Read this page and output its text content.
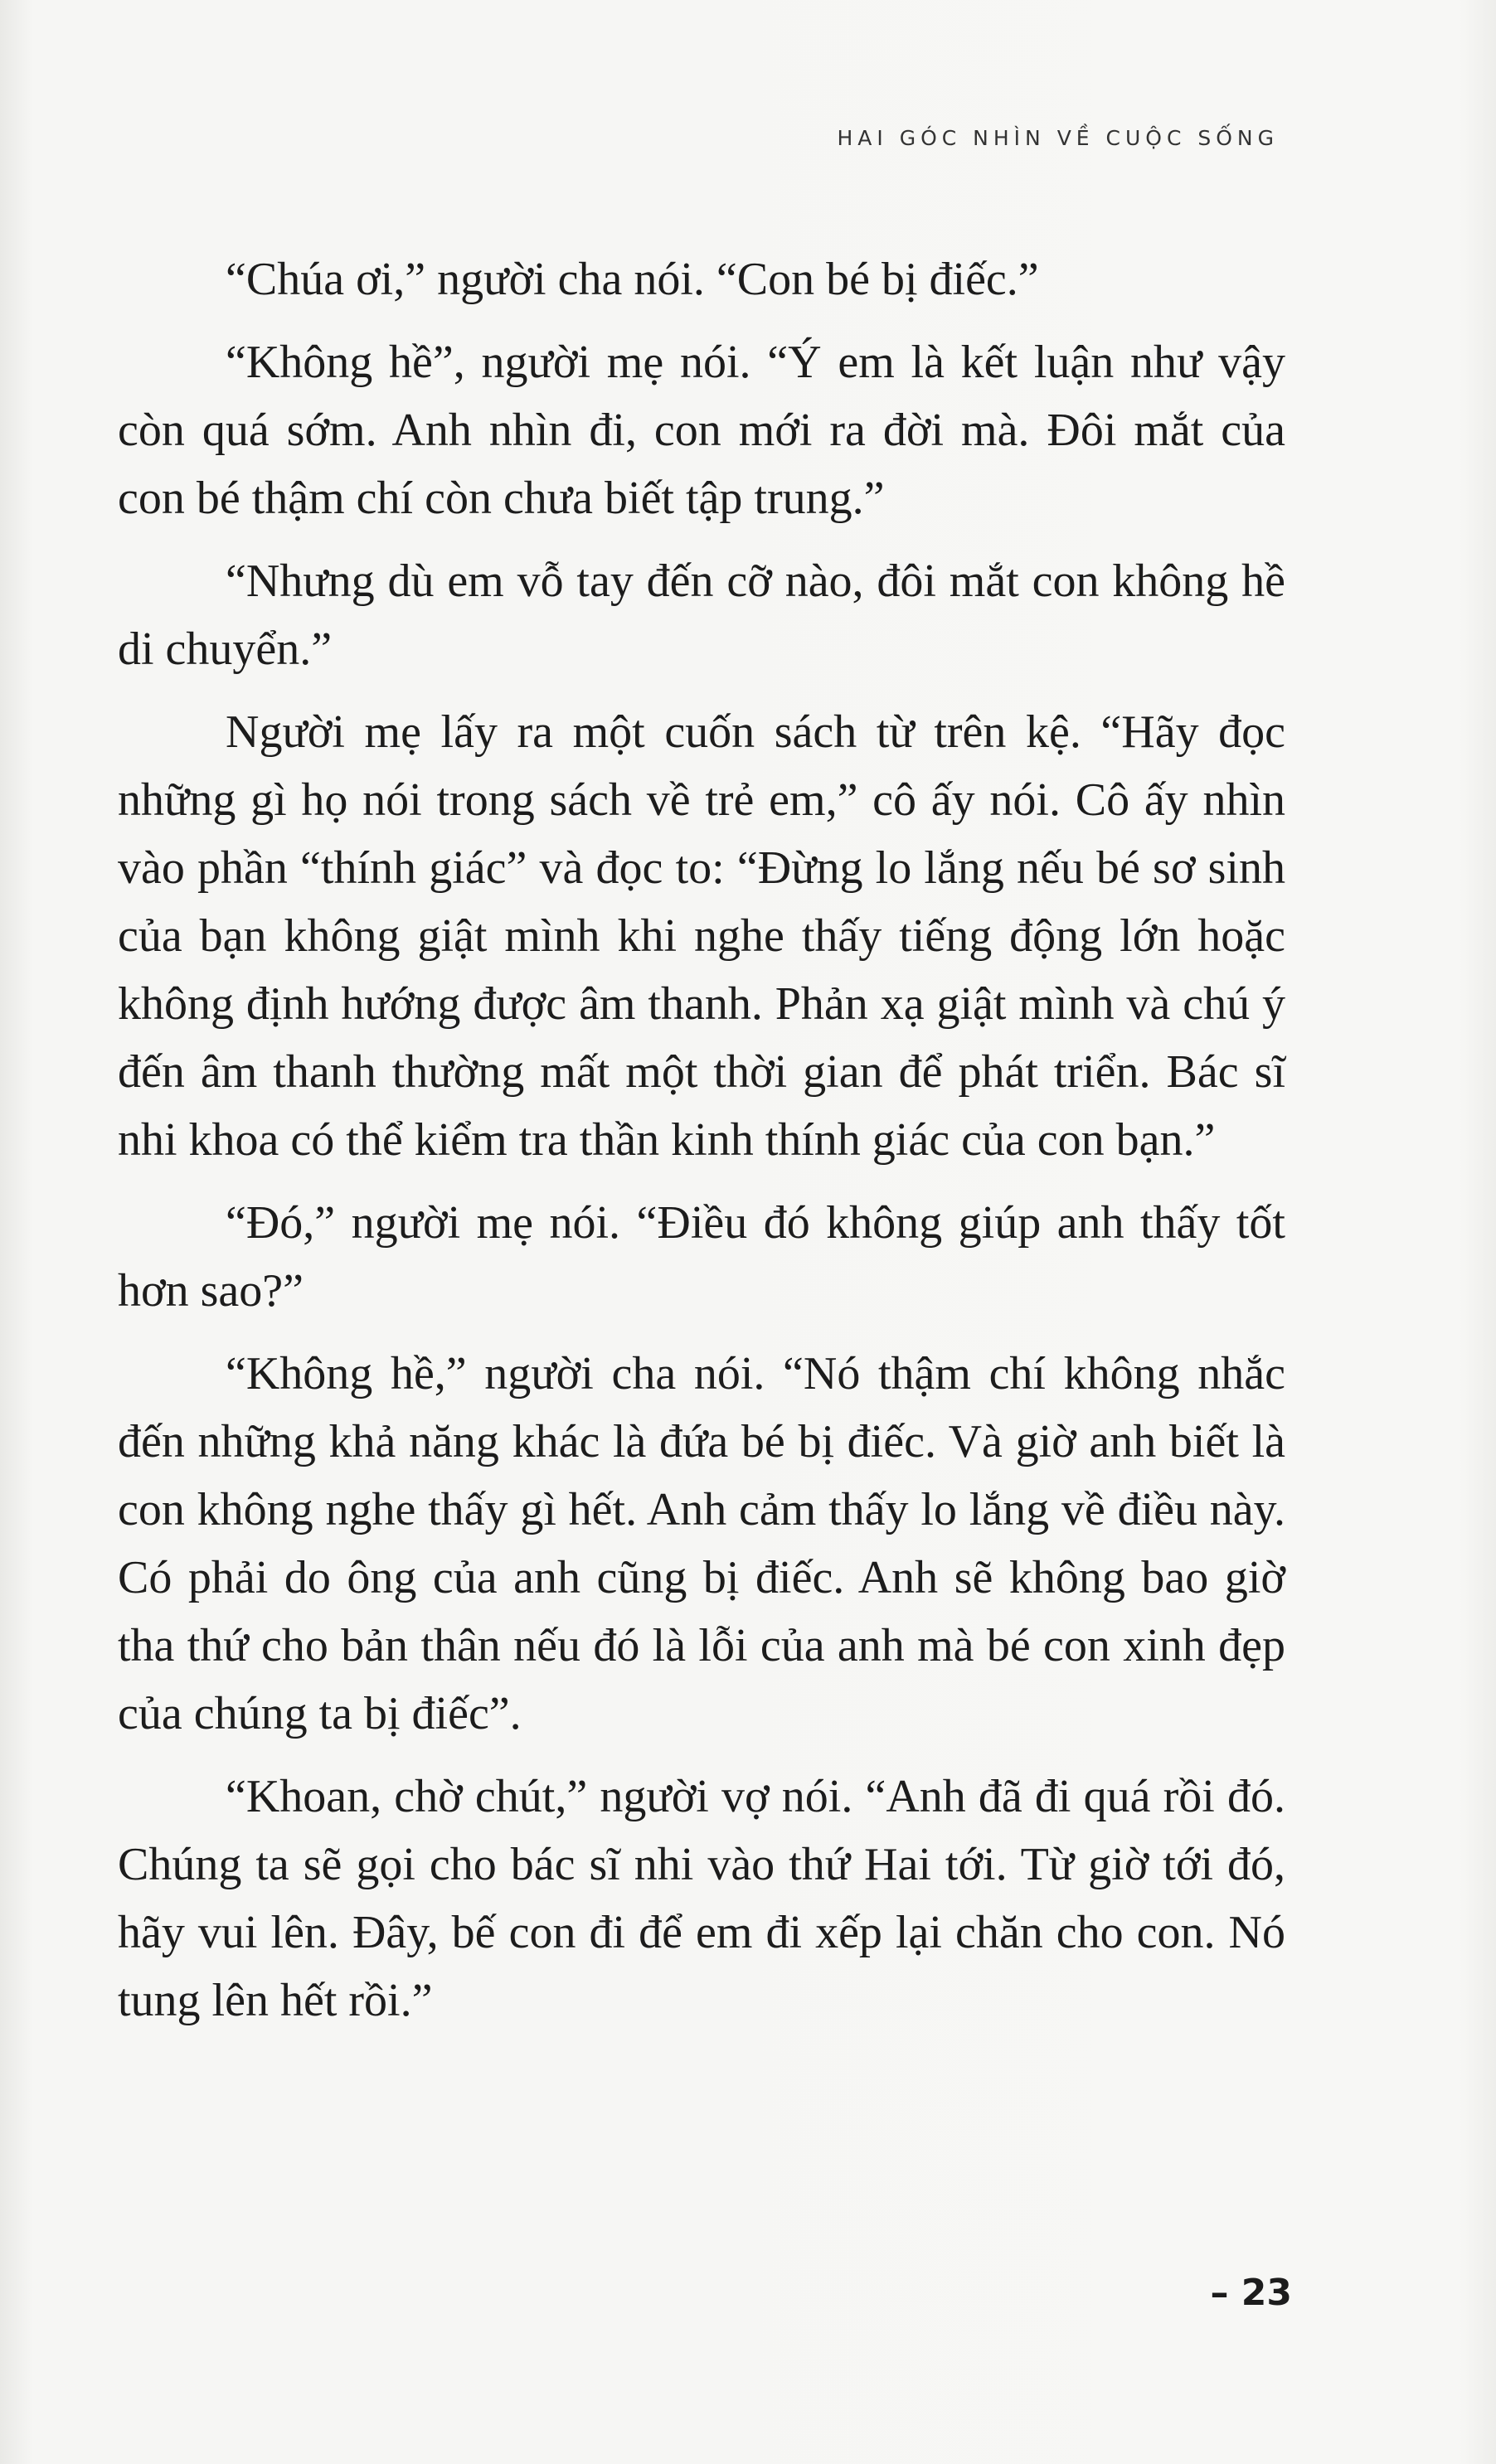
HAI GÓC NHÌN VỀ CUỘC SỐNG

“Chúa ơi,” người cha nói. “Con bé bị điếc.”

“Không hề”, người mẹ nói. “Ý em là kết luận như vậy còn quá sớm. Anh nhìn đi, con mới ra đời mà. Đôi mắt của con bé thậm chí còn chưa biết tập trung.”

“Nhưng dù em vỗ tay đến cỡ nào, đôi mắt con không hề di chuyển.”

Người mẹ lấy ra một cuốn sách từ trên kệ. “Hãy đọc những gì họ nói trong sách về trẻ em,” cô ấy nói. Cô ấy nhìn vào phần “thính giác” và đọc to: “Đừng lo lắng nếu bé sơ sinh của bạn không giật mình khi nghe thấy tiếng động lớn hoặc không định hướng được âm thanh. Phản xạ giật mình và chú ý đến âm thanh thường mất một thời gian để phát triển. Bác sĩ nhi khoa có thể kiểm tra thần kinh thính giác của con bạn.”

“Đó,” người mẹ nói. “Điều đó không giúp anh thấy tốt hơn sao?”

“Không hề,” người cha nói. “Nó thậm chí không nhắc đến những khả năng khác là đứa bé bị điếc. Và giờ anh biết là con không nghe thấy gì hết. Anh cảm thấy lo lắng về điều này. Có phải do ông của anh cũng bị điếc. Anh sẽ không bao giờ tha thứ cho bản thân nếu đó là lỗi của anh mà bé con xinh đẹp của chúng ta bị điếc”.

“Khoan, chờ chút,” người vợ nói. “Anh đã đi quá rồi đó. Chúng ta sẽ gọi cho bác sĩ nhi vào thứ Hai tới. Từ giờ tới đó, hãy vui lên. Đây, bế con đi để em đi xếp lại chăn cho con. Nó tung lên hết rồi.”

– 23
